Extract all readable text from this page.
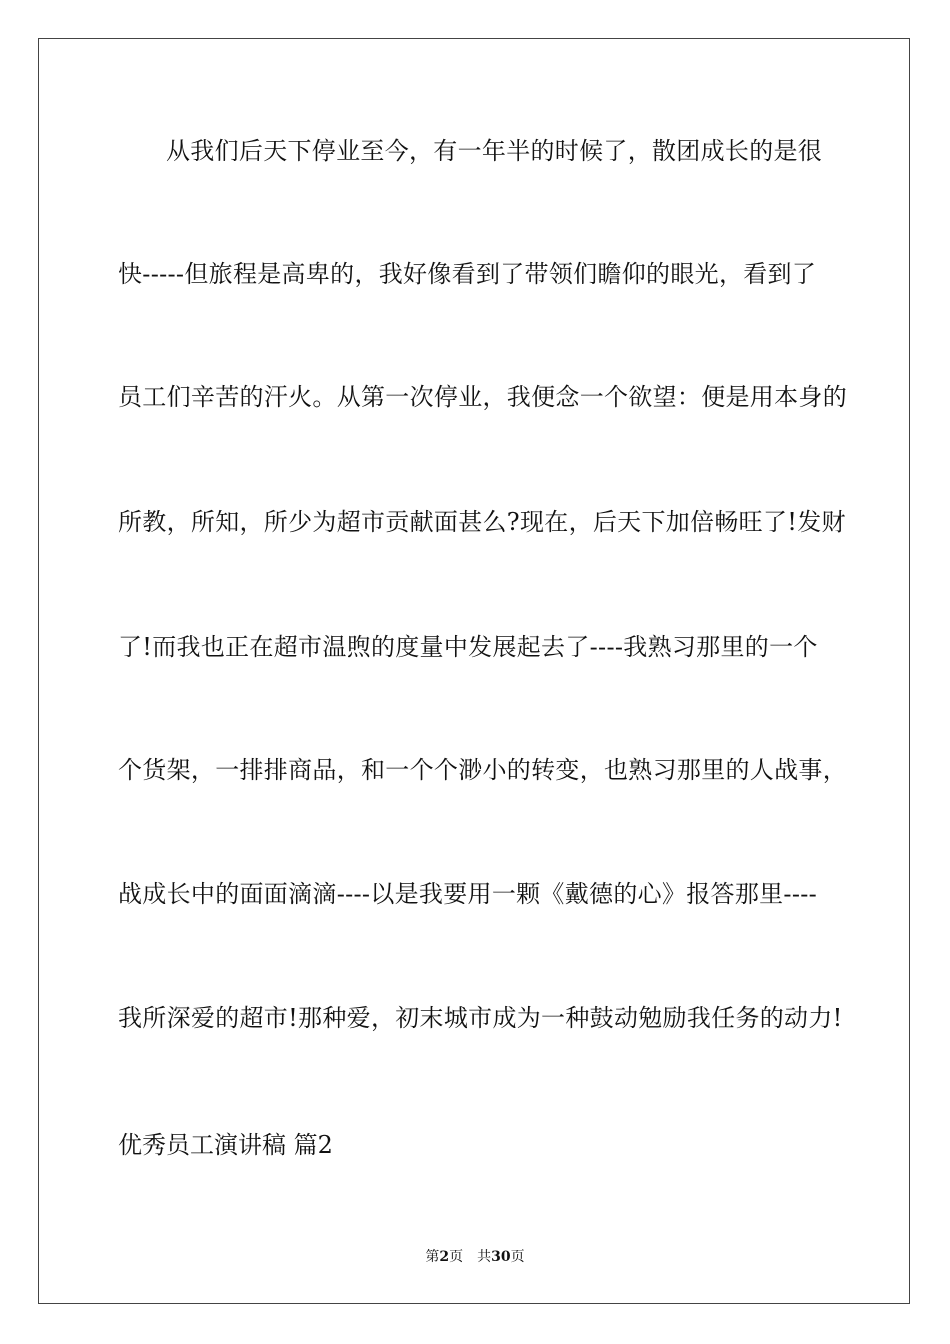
从我们后天下停业至今，有一年半的时候了，散团成长的是很
快-----但旅程是高卑的，我好像看到了带领们瞻仰的眼光，看到了
员工们辛苦的汗火。从第一次停业，我便念一个欲望：便是用本身的
所教，所知，所少为超市贡献面甚么?现在，后天下加倍畅旺了!发财
了!而我也正在超市温煦的度量中发展起去了----我熟习那里的一个
个货架，一排排商品，和一个个渺小的转变，也熟习那里的人战事，
战成长中的面面滴滴----以是我要用一颗《戴德的心》报答那里----
我所深爱的超市!那种爱，初末城市成为一种鼓动勉励我任务的动力!
优秀员工演讲稿 篇2
第2页 共30页
